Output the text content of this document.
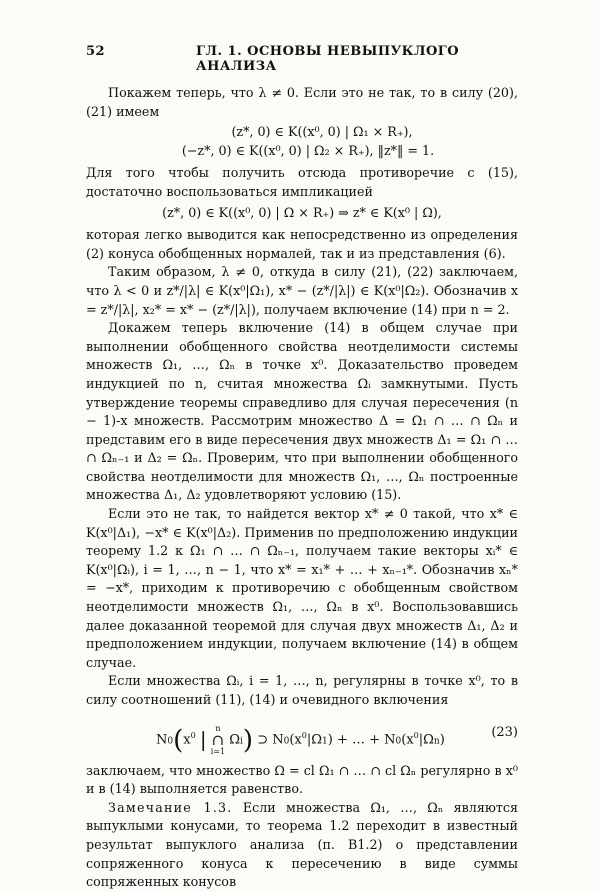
52	ГЛ. 1. ОСНОВЫ НЕВЫПУКЛОГО АНАЛИЗА

Покажем теперь, что λ ≠ 0. Если это не так, то в силу (20), (21) имеем

(z*, 0) ∈ K((x⁰, 0) | Ω₁ × R₊),
(−z*, 0) ∈ K((x⁰, 0) | Ω₂ × R₊), ‖z*‖ = 1.

Для того чтобы получить отсюда противоречие с (15), достаточно воспользоваться импликацией

(z*, 0) ∈ K((x⁰, 0) | Ω × R₊) ⇒ z* ∈ K(x⁰ | Ω),

которая легко выводится как непосредственно из определения (2) конуса обобщенных нормалей, так и из представления (6).

Таким образом, λ ≠ 0, откуда в силу (21), (22) заключаем, что λ < 0 и z*/|λ| ∈ K(x⁰|Ω₁), x* − (z*/|λ|) ∈ K(x⁰|Ω₂). Обозначив x = z*/|λ|, x₂* = x* − (z*/|λ|), получаем включение (14) при n = 2.

Докажем теперь включение (14) в общем случае при выполнении обобщенного свойства неотделимости системы множеств Ω₁, …, Ωₙ в точке x⁰. Доказательство проведем индукцией по n, считая множества Ωᵢ замкнутыми. Пусть утверждение теоремы справедливо для случая пересечения (n − 1)-х множеств. Рассмотрим множество Δ = Ω₁ ∩ … ∩ Ωₙ и представим его в виде пересечения двух множеств Δ₁ = Ω₁ ∩ … ∩ Ωₙ₋₁ и Δ₂ = Ωₙ. Проверим, что при выполнении обобщенного свойства неотделимости для множеств Ω₁, …, Ωₙ построенные множества Δ₁, Δ₂ удовлетворяют условию (15).

Если это не так, то найдется вектор x* ≠ 0 такой, что x* ∈ K(x⁰|Δ₁), −x* ∈ K(x⁰|Δ₂). Применив по предположению индукции теорему 1.2 к Ω₁ ∩ … ∩ Ωₙ₋₁, получаем такие векторы xᵢ* ∈ K(x⁰|Ωᵢ), i = 1, …, n − 1, что x* = x₁* + … + xₙ₋₁*. Обозначив xₙ* = −x*, приходим к противоречию с обобщенным свойством неотделимости множеств Ω₁, …, Ωₙ в x⁰. Воспользовавшись далее доказанной теоремой для случая двух множеств Δ₁, Δ₂ и предположением индукции, получаем включение (14) в общем случае.

Если множества Ωᵢ, i = 1, …, n, регулярны в точке x⁰, то в силу соотношений (11), (14) и очевидного включения

$N0(x^0$ | n
∩
i=1 Ωi) ⊃ $N0(x^0|\Omega 1)$ + … + $N0(x^0|\Omega n)$	(23)

заключаем, что множество Ω = cl Ω₁ ∩ … ∩ cl Ωₙ регулярно в x⁰ и в (14) выполняется равенство.

Замечание 1.3. Если множества Ω₁, …, Ωₙ являются выпуклыми конусами, то теорема 1.2 переходит в известный результат выпуклого анализа (п. В1.2) о представлении сопряженного конуса к пересечению в виде суммы сопряженных конусов
